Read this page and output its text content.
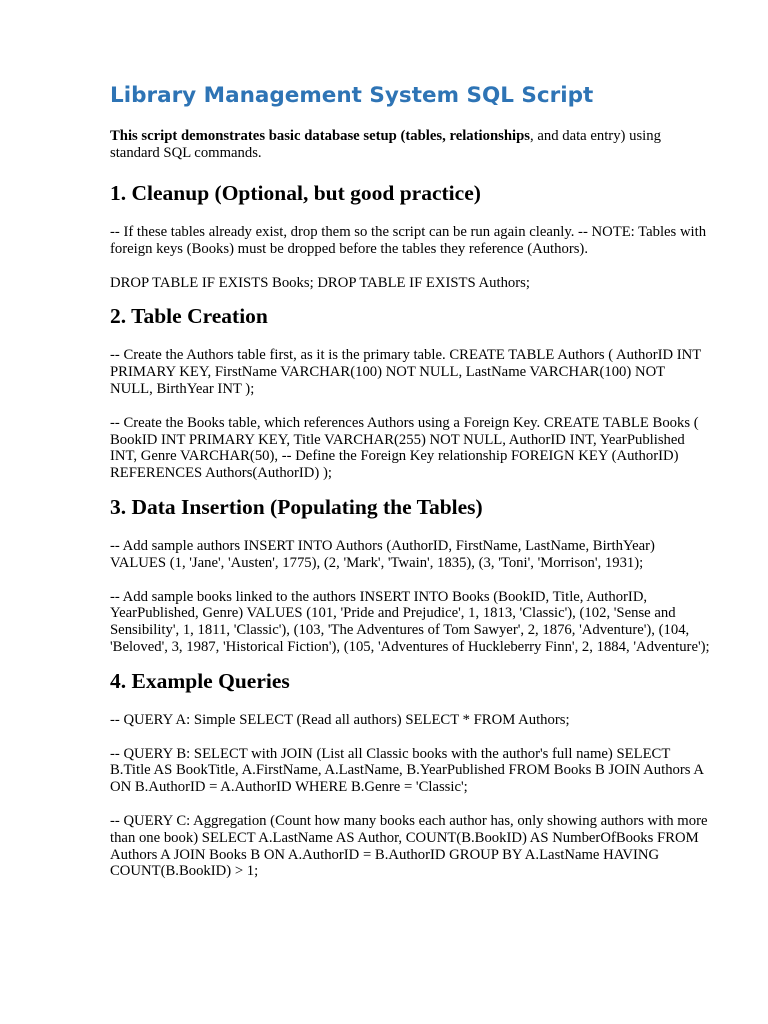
Library Management System SQL Script

This script demonstrates basic database setup (tables, relationships, and data entry) using standard SQL commands.

1. Cleanup (Optional, but good practice)

-- If these tables already exist, drop them so the script can be run again cleanly. -- NOTE: Tables with foreign keys (Books) must be dropped before the tables they reference (Authors).

DROP TABLE IF EXISTS Books; DROP TABLE IF EXISTS Authors;

2. Table Creation

-- Create the Authors table first, as it is the primary table. CREATE TABLE Authors ( AuthorID INT PRIMARY KEY, FirstName VARCHAR(100) NOT NULL, LastName VARCHAR(100) NOT NULL, BirthYear INT );

-- Create the Books table, which references Authors using a Foreign Key. CREATE TABLE Books ( BookID INT PRIMARY KEY, Title VARCHAR(255) NOT NULL, AuthorID INT, YearPublished INT, Genre VARCHAR(50), -- Define the Foreign Key relationship FOREIGN KEY (AuthorID) REFERENCES Authors(AuthorID) );

3. Data Insertion (Populating the Tables)

-- Add sample authors INSERT INTO Authors (AuthorID, FirstName, LastName, BirthYear) VALUES (1, 'Jane', 'Austen', 1775), (2, 'Mark', 'Twain', 1835), (3, 'Toni', 'Morrison', 1931);

-- Add sample books linked to the authors INSERT INTO Books (BookID, Title, AuthorID, YearPublished, Genre) VALUES (101, 'Pride and Prejudice', 1, 1813, 'Classic'), (102, 'Sense and Sensibility', 1, 1811, 'Classic'), (103, 'The Adventures of Tom Sawyer', 2, 1876, 'Adventure'), (104, 'Beloved', 3, 1987, 'Historical Fiction'), (105, 'Adventures of Huckleberry Finn', 2, 1884, 'Adventure');

4. Example Queries

-- QUERY A: Simple SELECT (Read all authors) SELECT * FROM Authors;

-- QUERY B: SELECT with JOIN (List all Classic books with the author's full name) SELECT B.Title AS BookTitle, A.FirstName, A.LastName, B.YearPublished FROM Books B JOIN Authors A ON B.AuthorID = A.AuthorID WHERE B.Genre = 'Classic';

-- QUERY C: Aggregation (Count how many books each author has, only showing authors with more than one book) SELECT A.LastName AS Author, COUNT(B.BookID) AS NumberOfBooks FROM Authors A JOIN Books B ON A.AuthorID = B.AuthorID GROUP BY A.LastName HAVING COUNT(B.BookID) > 1;
